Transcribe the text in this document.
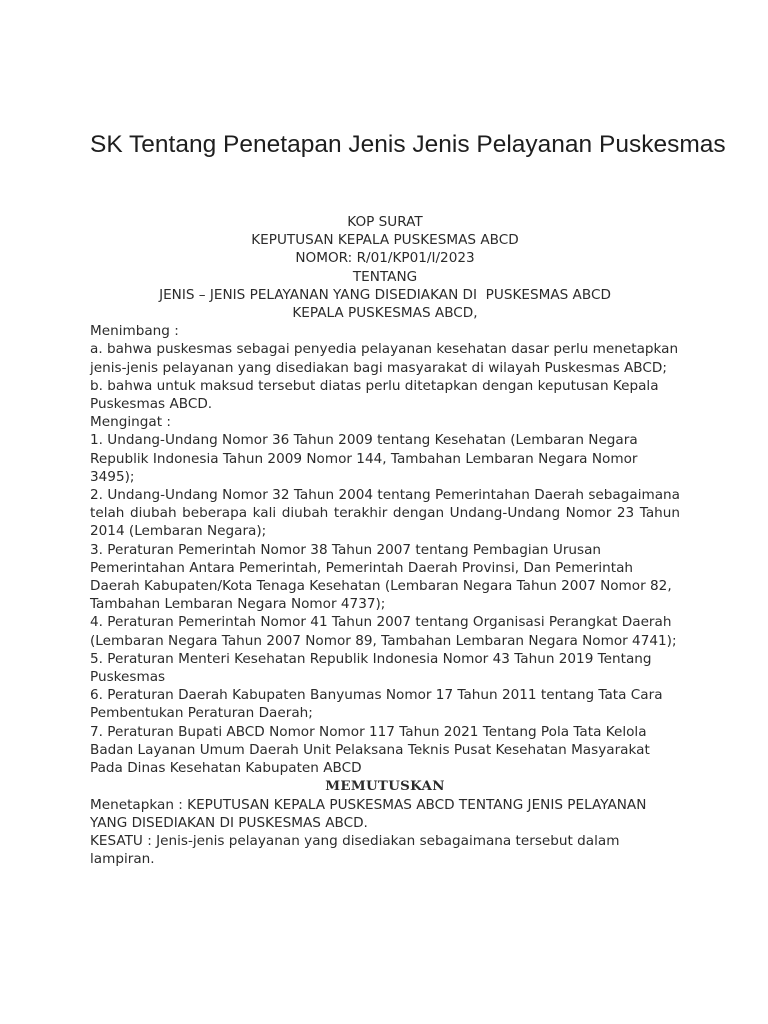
SK Tentang Penetapan Jenis Jenis Pelayanan Puskesmas
KOP SURAT
KEPUTUSAN KEPALA PUSKESMAS ABCD
NOMOR: R/01/KP01/I/2023
TENTANG
JENIS – JENIS PELAYANAN YANG DISEDIAKAN DI  PUSKESMAS ABCD
KEPALA PUSKESMAS ABCD,

Menimbang :

a. bahwa puskesmas sebagai penyedia pelayanan kesehatan dasar perlu menetapkan jenis-jenis pelayanan yang disediakan bagi masyarakat di wilayah Puskesmas ABCD;

b. bahwa untuk maksud tersebut diatas perlu ditetapkan dengan keputusan Kepala Puskesmas ABCD.

Mengingat :

1. Undang-Undang Nomor 36 Tahun 2009 tentang Kesehatan (Lembaran Negara Republik Indonesia Tahun 2009 Nomor 144, Tambahan Lembaran Negara Nomor 3495);

2. Undang-Undang Nomor 32 Tahun 2004 tentang Pemerintahan Daerah sebagaimana telah diubah beberapa kali diubah terakhir dengan Undang-Undang Nomor 23 Tahun 2014 (Lembaran Negara);

3. Peraturan Pemerintah Nomor 38 Tahun 2007 tentang Pembagian Urusan Pemerintahan Antara Pemerintah, Pemerintah Daerah Provinsi, Dan Pemerintah Daerah Kabupaten/Kota Tenaga Kesehatan (Lembaran Negara Tahun 2007 Nomor 82, Tambahan Lembaran Negara Nomor 4737);

4. Peraturan Pemerintah Nomor 41 Tahun 2007 tentang Organisasi Perangkat Daerah (Lembaran Negara Tahun 2007 Nomor 89, Tambahan Lembaran Negara Nomor 4741);

5. Peraturan Menteri Kesehatan Republik Indonesia Nomor 43 Tahun 2019 Tentang Puskesmas

6. Peraturan Daerah Kabupaten Banyumas Nomor 17 Tahun 2011 tentang Tata Cara Pembentukan Peraturan Daerah;

7. Peraturan Bupati ABCD Nomor Nomor 117 Tahun 2021 Tentang Pola Tata Kelola Badan Layanan Umum Daerah Unit Pelaksana Teknis Pusat Kesehatan Masyarakat Pada Dinas Kesehatan Kabupaten ABCD

MEMUTUSKAN

Menetapkan : KEPUTUSAN KEPALA PUSKESMAS ABCD TENTANG JENIS PELAYANAN YANG DISEDIAKAN DI PUSKESMAS ABCD.

KESATU : Jenis-jenis pelayanan yang disediakan sebagaimana tersebut dalam lampiran.
